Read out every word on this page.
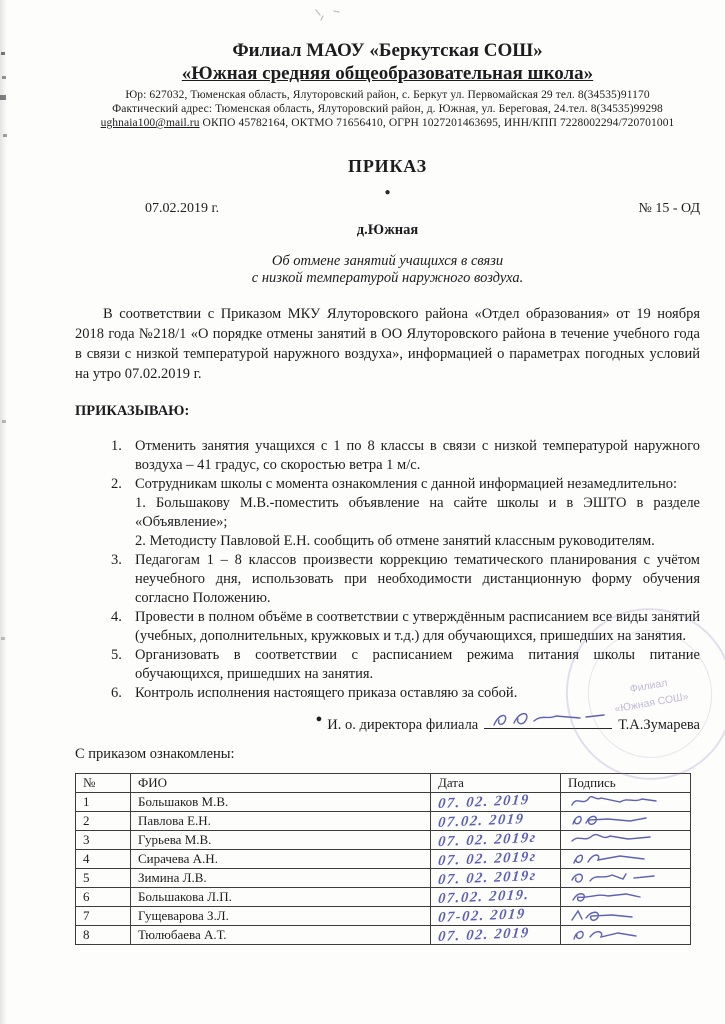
Филиал МАОУ «Беркутская СОШ»
«Южная средняя общеобразовательная школа»
Юр: 627032, Тюменская область, Ялуторовский район, с. Беркут ул. Первомайская 29 тел. 8(34535)91170
Фактический адрес: Тюменская область, Ялуторовский район, д. Южная, ул. Береговая, 24.тел. 8(34535)99298
ughnaia100@mail.ru ОКПО 45782164, ОКТМО 71656410, ОГРН 1027201463695, ИНН/КПП 7228002294/720701001
ПРИКАЗ
●
07.02.2019 г.	№ 15 - ОД
д.Южная
Об отмене занятий учащихся в связи
с низкой температурой наружного воздуха.

В соответствии с Приказом МКУ Ялуторовского района «Отдел образования» от 19 ноября 2018 года №218/1 «О порядке отмены занятий в ОО Ялуторовского района в течение учебного года в связи с низкой температурой наружного воздуха», информацией о параметрах погодных условий на утро 07.02.2019 г.

ПРИКАЗЫВАЮ:
1. Отменить занятия учащихся с 1 по 8 классы в связи с низкой температурой наружного воздуха – 41 градус, со скоростью ветра 1 м/с.
2. Сотрудникам школы с момента ознакомления с данной информацией незамедлительно:
1. Большакову М.В.-поместить объявление на сайте школы и в ЭШТО в разделе «Объявление»;
2. Методисту Павловой Е.Н. сообщить об отмене занятий классным руководителям.
3. Педагогам 1 – 8 классов произвести коррекцию тематического планирования с учётом неучебного дня, использовать при необходимости дистанционную форму обучения согласно Положению.
4. Провести в полном объёме в соответствии с утверждённым расписанием все виды занятий (учебных, дополнительных, кружковых и т.д.) для обучающихся, пришедших на занятия.
5. Организовать в соответствии с расписанием режима питания школы питание обучающихся, пришедших на занятия.
6. Контроль исполнения настоящего приказа оставляю за собой.
● И. о. директора филиала	Т.А.Зумарева
С приказом ознакомлены:
№	ФИО	Дата	Подпись
1	Большаков М.В.	07. 02. 2019	

2	Павлова Е.Н.	07.02. 2019	

3	Гурьева М.В.	07. 02. 2019г	

4	Сирачева А.Н.	07. 02. 2019г	

5	Зимина Л.В.	07. 02. 2019г	

6	Большакова Л.П.	07.02. 2019.	

7	Гущеварова З.Л.	07-02. 2019	

8	Тюлюбаева А.Т.	07. 02. 2019	
Филиал
«Южная СОШ»
